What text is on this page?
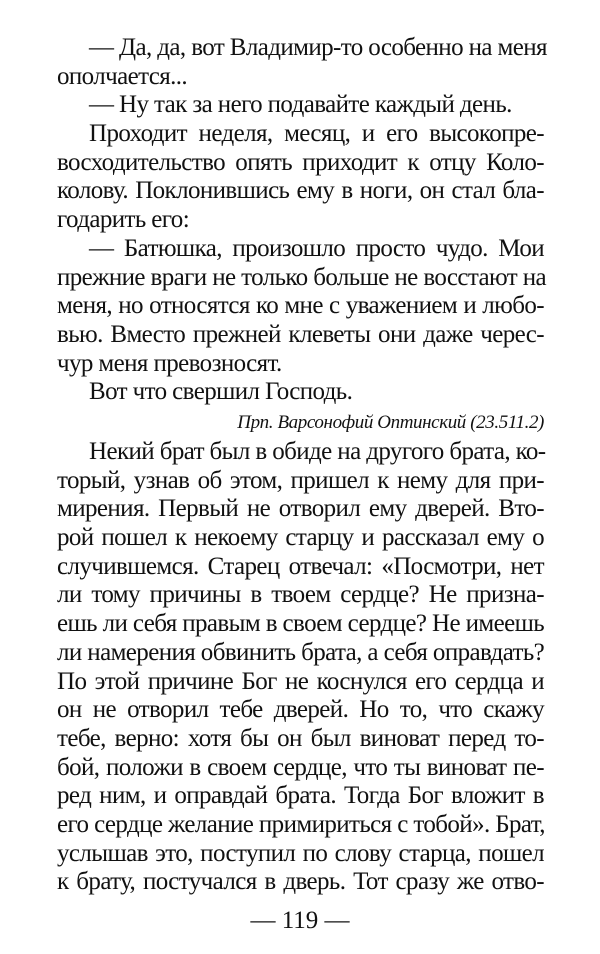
— Да, да, вот Владимир-то особенно на меня
ополчается...
— Ну так за него подавайте каждый день.
Проходит неделя, месяц, и его высокопре-
восходительство опять приходит к отцу Коло-
колову. Поклонившись ему в ноги, он стал бла-
годарить его:
— Батюшка, произошло просто чудо. Мои
прежние враги не только больше не восстают на
меня, но относятся ко мне с уважением и любо-
вью. Вместо прежней клеветы они даже черес-
чур меня превозносят.
Вот что свершил Господь.
Прп. Варсонофий Оптинский (23.511.2)
Некий брат был в обиде на другого брата, ко-
торый, узнав об этом, пришел к нему для при-
мирения. Первый не отворил ему дверей. Вто-
рой пошел к некоему старцу и рассказал ему о
случившемся. Старец отвечал: «Посмотри, нет
ли тому причины в твоем сердце? Не призна-
ешь ли себя правым в своем сердце? Не имеешь
ли намерения обвинить брата, а себя оправдать?
По этой причине Бог не коснулся его сердца и
он не отворил тебе дверей. Но то, что скажу
тебе, верно: хотя бы он был виноват перед то-
бой, положи в своем сердце, что ты виноват пе-
ред ним, и оправдай брата. Тогда Бог вложит в
его сердце желание примириться с тобой». Брат,
услышав это, поступил по слову старца, пошел
к брату, постучался в дверь. Тот сразу же отво-
— 119 —
